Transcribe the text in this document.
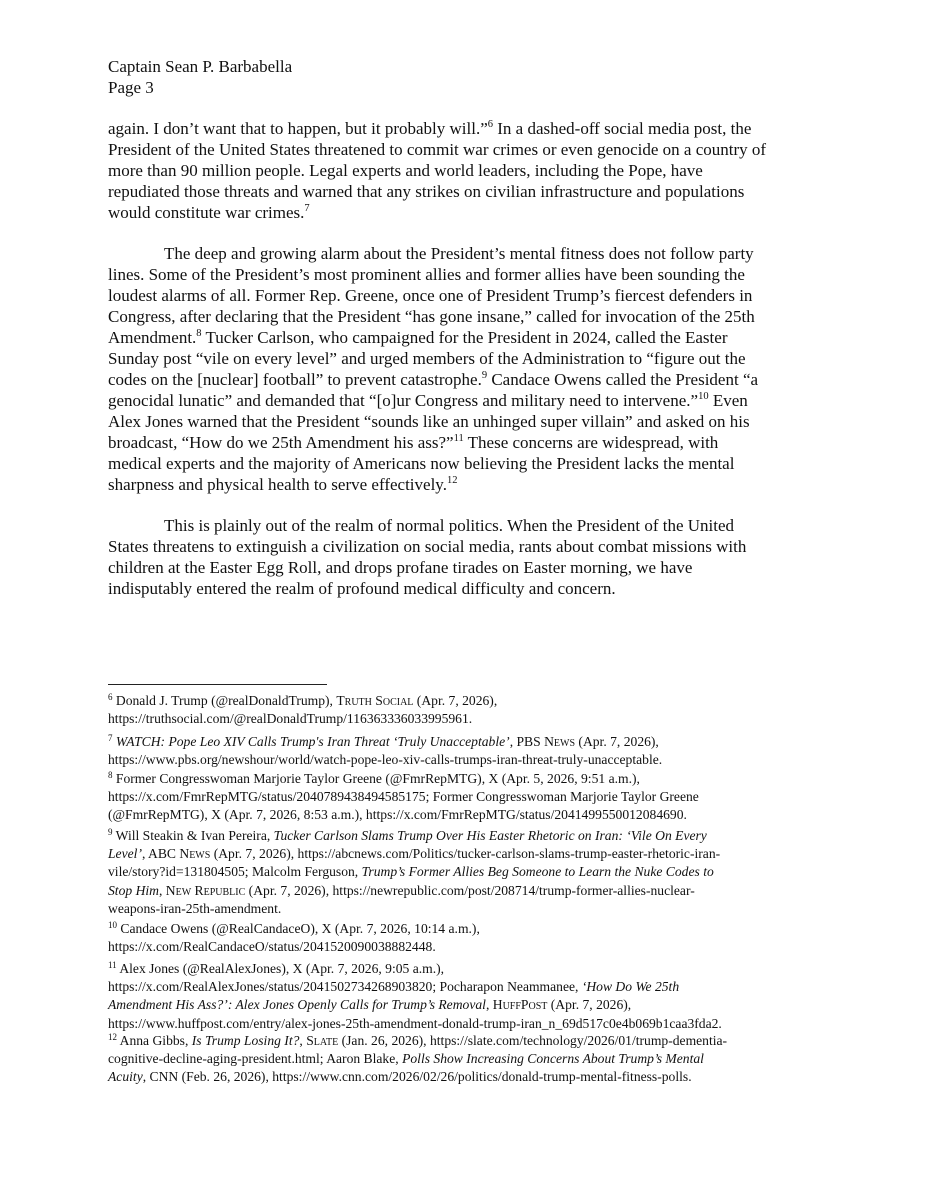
Captain Sean P. Barbabella
Page 3
again. I don’t want that to happen, but it probably will.”$^6$ In a dashed-off social media post, the
President of the United States threatened to commit war crimes or even genocide on a country of
more than 90 million people. Legal experts and world leaders, including the Pope, have
repudiated those threats and warned that any strikes on civilian infrastructure and populations
would constitute war crimes.$^7$
The deep and growing alarm about the President’s mental fitness does not follow party
lines. Some of the President’s most prominent allies and former allies have been sounding the
loudest alarms of all. Former Rep. Greene, once one of President Trump’s fiercest defenders in
Congress, after declaring that the President “has gone insane,” called for invocation of the 25th
Amendment.$^8$ Tucker Carlson, who campaigned for the President in 2024, called the Easter
Sunday post “vile on every level” and urged members of the Administration to “figure out the
codes on the [nuclear] football” to prevent catastrophe.$^9$ Candace Owens called the President “a
genocidal lunatic” and demanded that “[o]ur Congress and military need to intervene.”$^{10}$ Even
Alex Jones warned that the President “sounds like an unhinged super villain” and asked on his
broadcast, “How do we 25th Amendment his ass?”$^{11}$ These concerns are widespread, with
medical experts and the majority of Americans now believing the President lacks the mental
sharpness and physical health to serve effectively.$^{12}$
This is plainly out of the realm of normal politics. When the President of the United
States threatens to extinguish a civilization on social media, rants about combat missions with
children at the Easter Egg Roll, and drops profane tirades on Easter morning, we have
indisputably entered the realm of profound medical difficulty and concern.
$^6$ Donald J. Trump (@realDonaldTrump), Truth Social (Apr. 7, 2026),
https://truthsocial.com/@realDonaldTrump/116363336033995961.
$^7$ WATCH: Pope Leo XIV Calls Trump's Iran Threat ‘Truly Unacceptable’, PBS News (Apr. 7, 2026),
https://www.pbs.org/newshour/world/watch-pope-leo-xiv-calls-trumps-iran-threat-truly-unacceptable.
$^8$ Former Congresswoman Marjorie Taylor Greene (@FmrRepMTG), X (Apr. 5, 2026, 9:51 a.m.),
https://x.com/FmrRepMTG/status/2040789438494585175; Former Congresswoman Marjorie Taylor Greene
(@FmrRepMTG), X (Apr. 7, 2026, 8:53 a.m.), https://x.com/FmrRepMTG/status/2041499550012084690.
$^9$ Will Steakin & Ivan Pereira, Tucker Carlson Slams Trump Over His Easter Rhetoric on Iran: ‘Vile On Every
Level’, ABC News (Apr. 7, 2026), https://abcnews.com/Politics/tucker-carlson-slams-trump-easter-rhetoric-iran-
vile/story?id=131804505; Malcolm Ferguson, Trump’s Former Allies Beg Someone to Learn the Nuke Codes to
Stop Him, New Republic (Apr. 7, 2026), https://newrepublic.com/post/208714/trump-former-allies-nuclear-
weapons-iran-25th-amendment.
$^{10}$ Candace Owens (@RealCandaceO), X (Apr. 7, 2026, 10:14 a.m.),
https://x.com/RealCandaceO/status/2041520090038882448.
$^{11}$ Alex Jones (@RealAlexJones), X (Apr. 7, 2026, 9:05 a.m.),
https://x.com/RealAlexJones/status/2041502734268903820; Pocharapon Neammanee, ‘How Do We 25th
Amendment His Ass?’: Alex Jones Openly Calls for Trump’s Removal, HuffPost (Apr. 7, 2026),
https://www.huffpost.com/entry/alex-jones-25th-amendment-donald-trump-iran_n_69d517c0e4b069b1caa3fda2.
$^{12}$ Anna Gibbs, Is Trump Losing It?, Slate (Jan. 26, 2026), https://slate.com/technology/2026/01/trump-dementia-
cognitive-decline-aging-president.html; Aaron Blake, Polls Show Increasing Concerns About Trump’s Mental
Acuity, CNN (Feb. 26, 2026), https://www.cnn.com/2026/02/26/politics/donald-trump-mental-fitness-polls.
